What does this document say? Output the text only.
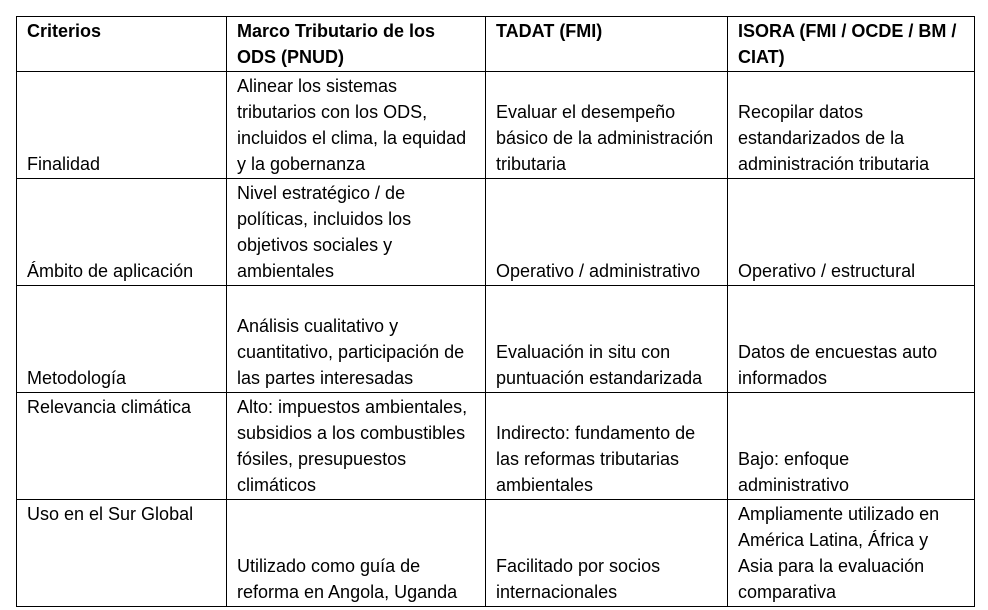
Criterios	Marco Tributario de los ODS (PNUD)	TADAT (FMI)	ISORA (FMI / OCDE / BM / CIAT)
Finalidad	Alinear los sistemas tributarios con los ODS, incluidos el clima, la equidad y la gobernanza	Evaluar el desempeño básico de la administración tributaria	Recopilar datos estandarizados de la administración tributaria
Ámbito de aplicación	Nivel estratégico / de políticas, incluidos los objetivos sociales y ambientales	Operativo / administrativo	Operativo / estructural
Metodología	Análisis cualitativo y cuantitativo, participación de las partes interesadas	Evaluación in situ con puntuación estandarizada	Datos de encuestas auto informados
Relevancia climática	Alto: impuestos ambientales, subsidios a los combustibles fósiles, presupuestos climáticos	Indirecto: fundamento de las reformas tributarias ambientales	Bajo: enfoque administrativo
Uso en el Sur Global	Utilizado como guía de reforma en Angola, Uganda	Facilitado por socios internacionales	Ampliamente utilizado en América Latina, África y Asia para la evaluación comparativa
